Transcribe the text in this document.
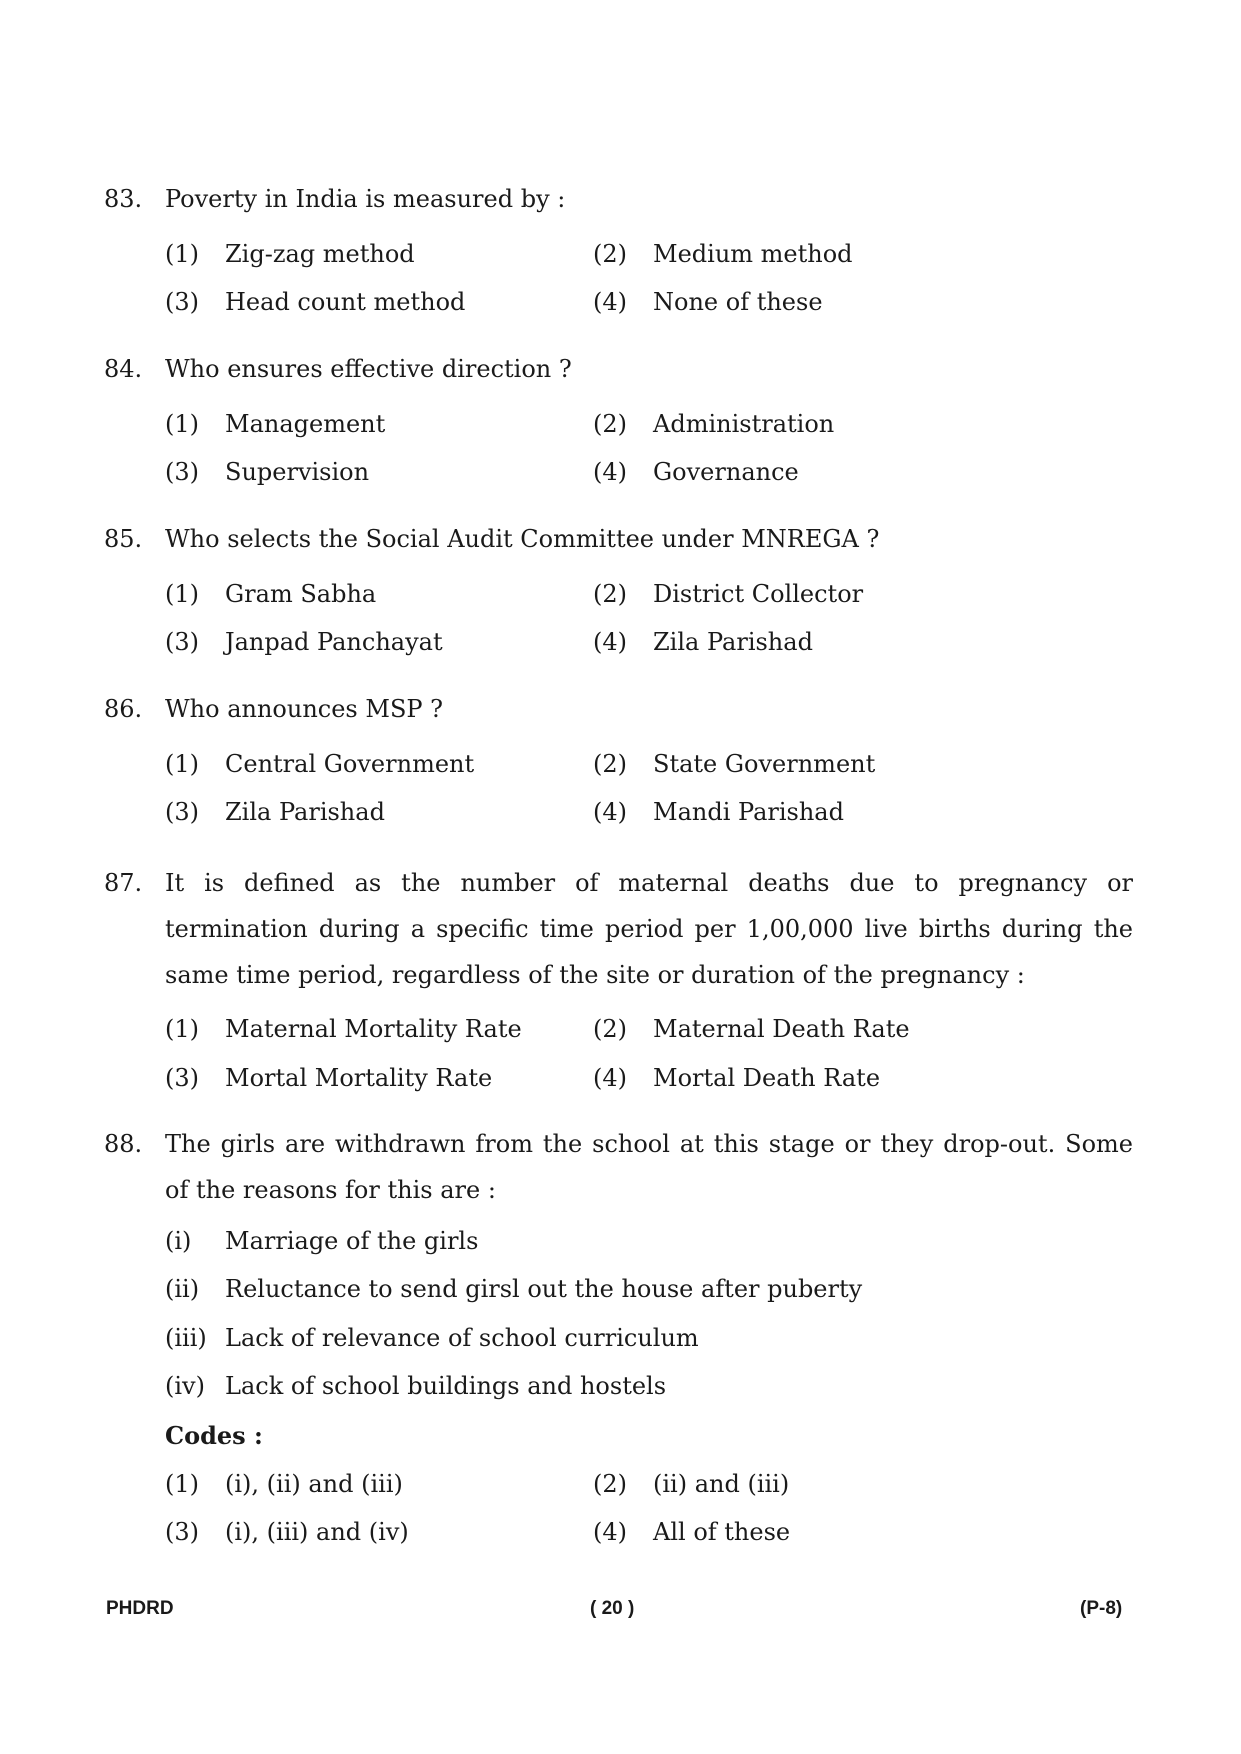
83. Poverty in India is measured by :
(1) Zig-zag method	(2) Medium method
(3) Head count method	(4) None of these
84. Who ensures effective direction ?
(1) Management	(2) Administration
(3) Supervision	(4) Governance
85. Who selects the Social Audit Committee under MNREGA ?
(1) Gram Sabha	(2) District Collector
(3) Janpad Panchayat	(4) Zila Parishad
86. Who announces MSP ?
(1) Central Government	(2) State Government
(3) Zila Parishad	(4) Mandi Parishad
87. It is defined as the number of maternal deaths due to pregnancy or termination during a specific time period per 1,00,000 live births during the same time period, regardless of the site or duration of the pregnancy :
(1) Maternal Mortality Rate	(2) Maternal Death Rate
(3) Mortal Mortality Rate	(4) Mortal Death Rate
88. The girls are withdrawn from the school at this stage or they drop-out. Some of the reasons for this are :
(i) Marriage of the girls
(ii) Reluctance to send girsl out the house after puberty
(iii) Lack of relevance of school curriculum
(iv) Lack of school buildings and hostels
Codes :
(1) (i), (ii) and (iii)	(2) (ii) and (iii)
(3) (i), (iii) and (iv)	(4) All of these
PHDRD	( 20 )	(P-8)
